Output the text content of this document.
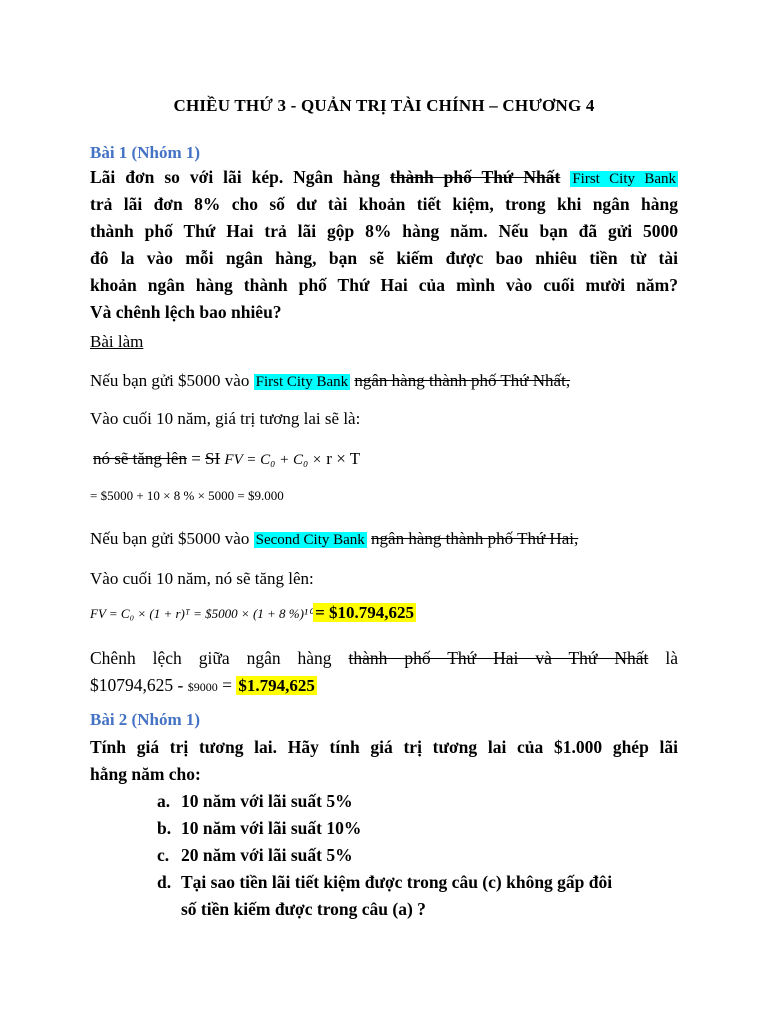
CHIỀU THỨ 3 - QUẢN TRỊ TÀI CHÍNH – CHƯƠNG 4
Bài 1 (Nhóm 1)
Lãi đơn so với lãi kép. Ngân hàng thành phố Thứ Nhất First City Bank
trả lãi đơn 8% cho số dư tài khoản tiết kiệm, trong khi ngân hàng
thành phố Thứ Hai trả lãi gộp 8% hàng năm. Nếu bạn đã gửi 5000
đô la vào mỗi ngân hàng, bạn sẽ kiếm được bao nhiêu tiền từ tài
khoản ngân hàng thành phố Thứ Hai của mình vào cuối mười năm?
Và chênh lệch bao nhiêu?
Bài làm
Nếu bạn gửi $5000 vào First City Bank ngân hàng thành phố Thứ Nhất,
Vào cuối 10 năm, giá trị tương lai sẽ là:
nó sẽ tăng lên = SI FV = C₀ + C₀ × r × T
= $5000 + 10 × 8 % × 5000 = $9.000
Nếu bạn gửi $5000 vào Second City Bank ngân hàng thành phố Thứ Hai,
Vào cuối 10 năm, nó sẽ tăng lên:
FV = C₀ × (1 + r)ᵀ = $5000 × (1 + 8 %)¹⁰ = $10.794,625
Chênh lệch giữa ngân hàng thành phố Thứ Hai và Thứ Nhất là
$10794,625 - $9000 = $1.794,625
Bài 2 (Nhóm 1)
Tính giá trị tương lai. Hãy tính giá trị tương lai của $1.000 ghép lãi
hằng năm cho:
a. 10 năm với lãi suất 5%
b. 10 năm với lãi suất 10%
c. 20 năm với lãi suất 5%
d. Tại sao tiền lãi tiết kiệm được trong câu (c) không gấp đôi
số tiền kiếm được trong câu (a) ?
